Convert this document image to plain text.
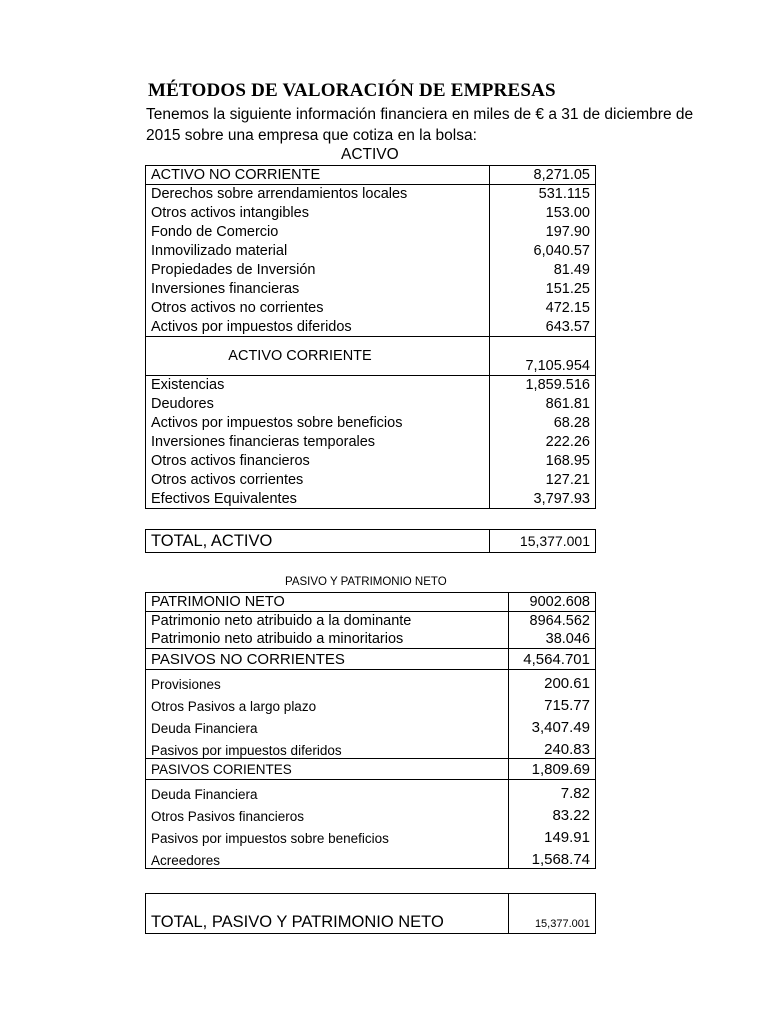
MÉTODOS DE VALORACIÓN DE EMPRESAS
Tenemos la siguiente información financiera en miles de € a 31 de diciembre de 2015 sobre una empresa que cotiza en la bolsa:
ACTIVO
ACTIVO NO CORRIENTE	8,271.05
Derechos sobre arrendamientos locales	531.115
Otros activos intangibles	153.00
Fondo de Comercio	197.90
Inmovilizado material	6,040.57
Propiedades de Inversión	81.49
Inversiones financieras	151.25
Otros activos no corrientes	472.15
Activos por impuestos diferidos	643.57
ACTIVO CORRIENTE	7,105.954
Existencias	1,859.516
Deudores	861.81
Activos por impuestos sobre beneficios	68.28
Inversiones financieras temporales	222.26
Otros activos financieros	168.95
Otros activos corrientes	127.21
Efectivos Equivalentes	3,797.93
TOTAL, ACTIVO	15,377.001
PASIVO Y PATRIMONIO NETO
PATRIMONIO NETO	9002.608
Patrimonio neto atribuido a la dominante	8964.562
Patrimonio neto atribuido a minoritarios	38.046
PASIVOS NO CORRIENTES	4,564.701
Provisiones	200.61
Otros Pasivos a largo plazo	715.77
Deuda Financiera	3,407.49
Pasivos por impuestos diferidos	240.83
PASIVOS CORIENTES	1,809.69
Deuda Financiera	7.82
Otros Pasivos financieros	83.22
Pasivos por impuestos sobre beneficios	149.91
Acreedores	1,568.74
TOTAL, PASIVO Y PATRIMONIO NETO	15,377.001
